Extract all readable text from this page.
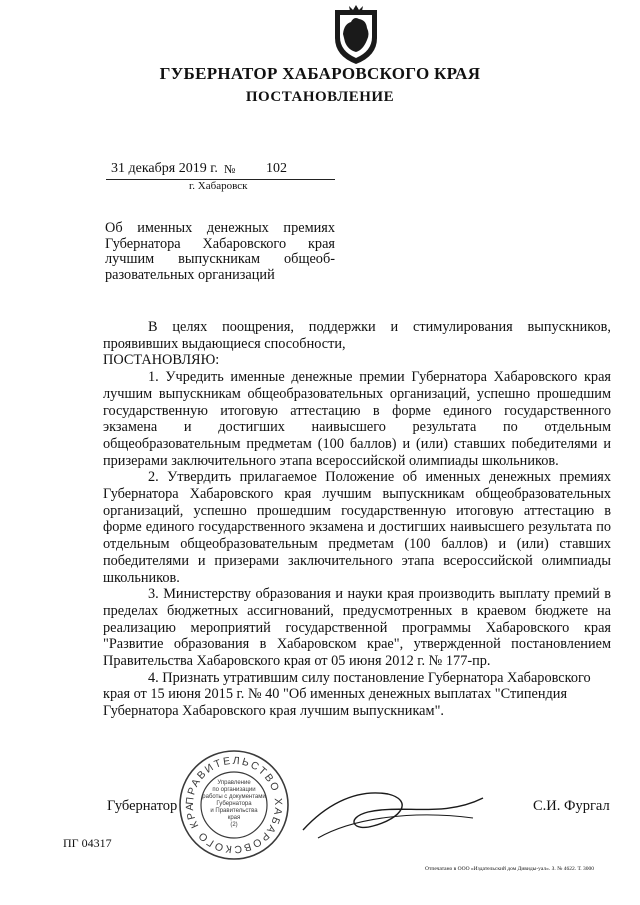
ГУБЕРНАТОР ХАБАРОВСКОГО КРАЯ
ПОСТАНОВЛЕНИЕ
31 декабря 2019 г. № 102
г. Хабаровск
Об именных денежных премиях
Губернатора Хабаровского края
лучшим выпускникам общеоб-
разовательных организаций

В целях поощрения, поддержки и стимулирования выпускников, проявивших выдающиеся способности,

ПОСТАНОВЛЯЮ:

1. Учредить именные денежные премии Губернатора Хабаровского края лучшим выпускникам общеобразовательных организаций, успешно прошедшим государственную итоговую аттестацию в форме единого государственного экзамена и достигших наивысшего результата по отдельным общеобразовательным предметам (100 баллов) и (или) ставших победителями и призерами заключительного этапа всероссийской олимпиады школьников.

2. Утвердить прилагаемое Положение об именных денежных премиях Губернатора Хабаровского края лучшим выпускникам общеобразовательных организаций, успешно прошедшим государственную итоговую аттестацию в форме единого государственного экзамена и достигших наивысшего результата по отдельным общеобразовательным предметам (100 баллов) и (или) ставших победителями и призерами заключительного этапа всероссийской олимпиады школьников.

3. Министерству образования и науки края производить выплату премий в пределах бюджетных ассигнований, предусмотренных в краевом бюджете на реализацию мероприятий государственной программы Хабаровского края "Развитие образования в Хабаровском крае", утвержденной постановлением Правительства Хабаровского края от 05 июня 2012 г. № 177-пр.

4. Признать утратившим силу постановление Губернатора Хабаровского края от 15 июня 2015 г. № 40 "Об именных денежных выплатах "Стипендия Губернатора Хабаровского края лучшим выпускникам".

ПРАВИТЕЛЬСТВО ХАБАРОВСКОГО КРА
Управление
по организации
работы с документами
Губернатора
и Правительства
края
(2)
Губернатор	С.И. Фургал
ПГ 04317
Отпечатано в ООО «Издательский дом Дивиды-уал». З. № 4622. Т. 3000
